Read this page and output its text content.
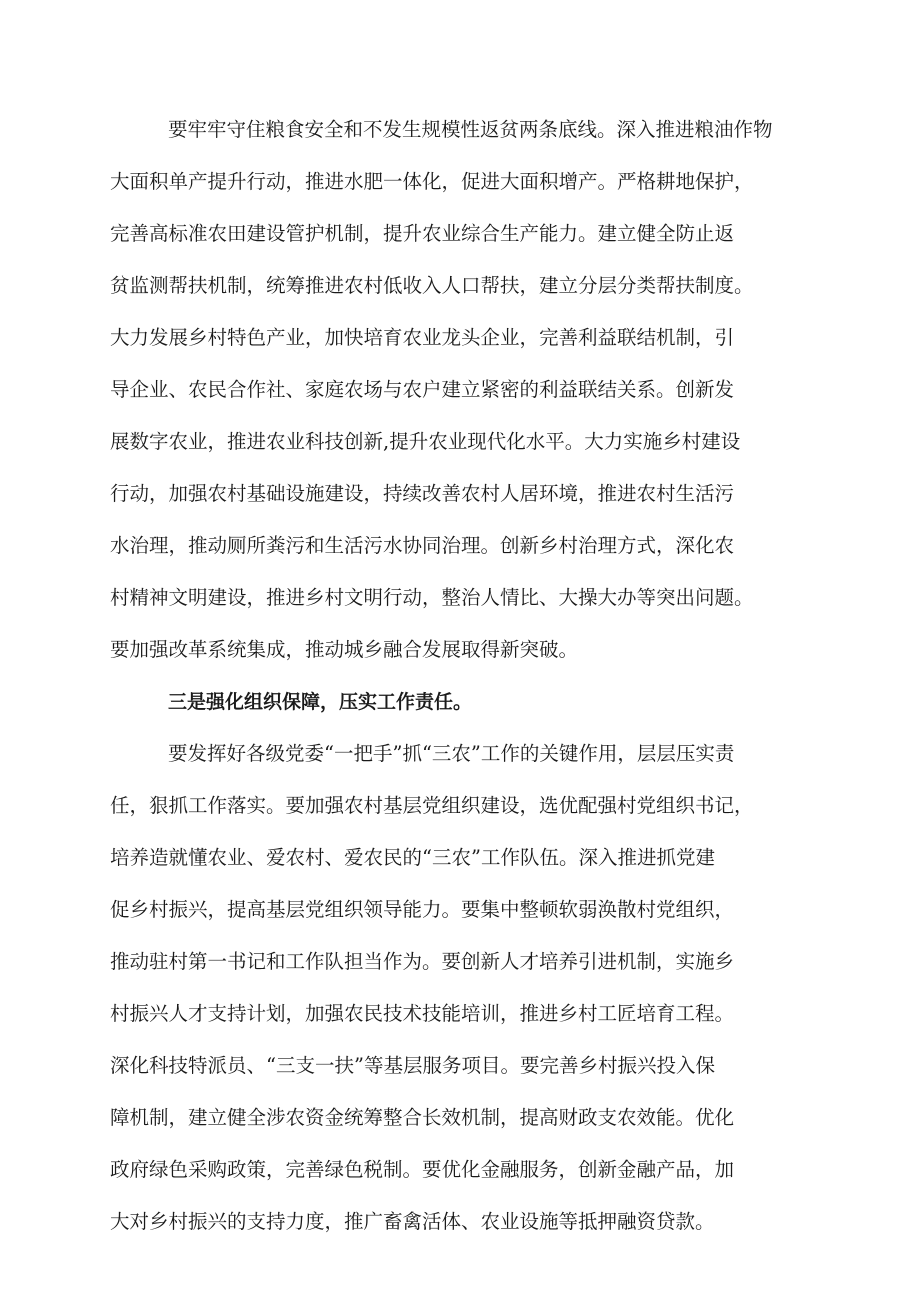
要牢牢守住粮食安全和不发生规模性返贫两条底线。深入推进粮油作物
大面积单产提升行动，推进水肥一体化，促进大面积增产。严格耕地保护，
完善高标准农田建设管护机制，提升农业综合生产能力。建立健全防止返
贫监测帮扶机制，统筹推进农村低收入人口帮扶，建立分层分类帮扶制度。
大力发展乡村特色产业，加快培育农业龙头企业，完善利益联结机制，引
导企业、农民合作社、家庭农场与农户建立紧密的利益联结关系。创新发
展数字农业，推进农业科技创新,提升农业现代化水平。大力实施乡村建设
行动，加强农村基础设施建设，持续改善农村人居环境，推进农村生活污
水治理，推动厕所粪污和生活污水协同治理。创新乡村治理方式，深化农
村精神文明建设，推进乡村文明行动，整治人情比、大操大办等突出问题。
要加强改革系统集成，推动城乡融合发展取得新突破。
三是强化组织保障，压实工作责任。
要发挥好各级党委“一把手”抓“三农”工作的关键作用，层层压实责
任，狠抓工作落实。要加强农村基层党组织建设，选优配强村党组织书记，
培养造就懂农业、爱农村、爱农民的“三农”工作队伍。深入推进抓党建
促乡村振兴，提高基层党组织领导能力。要集中整顿软弱涣散村党组织，
推动驻村第一书记和工作队担当作为。要创新人才培养引进机制，实施乡
村振兴人才支持计划，加强农民技术技能培训，推进乡村工匠培育工程。
深化科技特派员、“三支一扶”等基层服务项目。要完善乡村振兴投入保
障机制，建立健全涉农资金统筹整合长效机制，提高财政支农效能。优化
政府绿色采购政策，完善绿色税制。要优化金融服务，创新金融产品，加
大对乡村振兴的支持力度，推广畜禽活体、农业设施等抵押融资贷款。
